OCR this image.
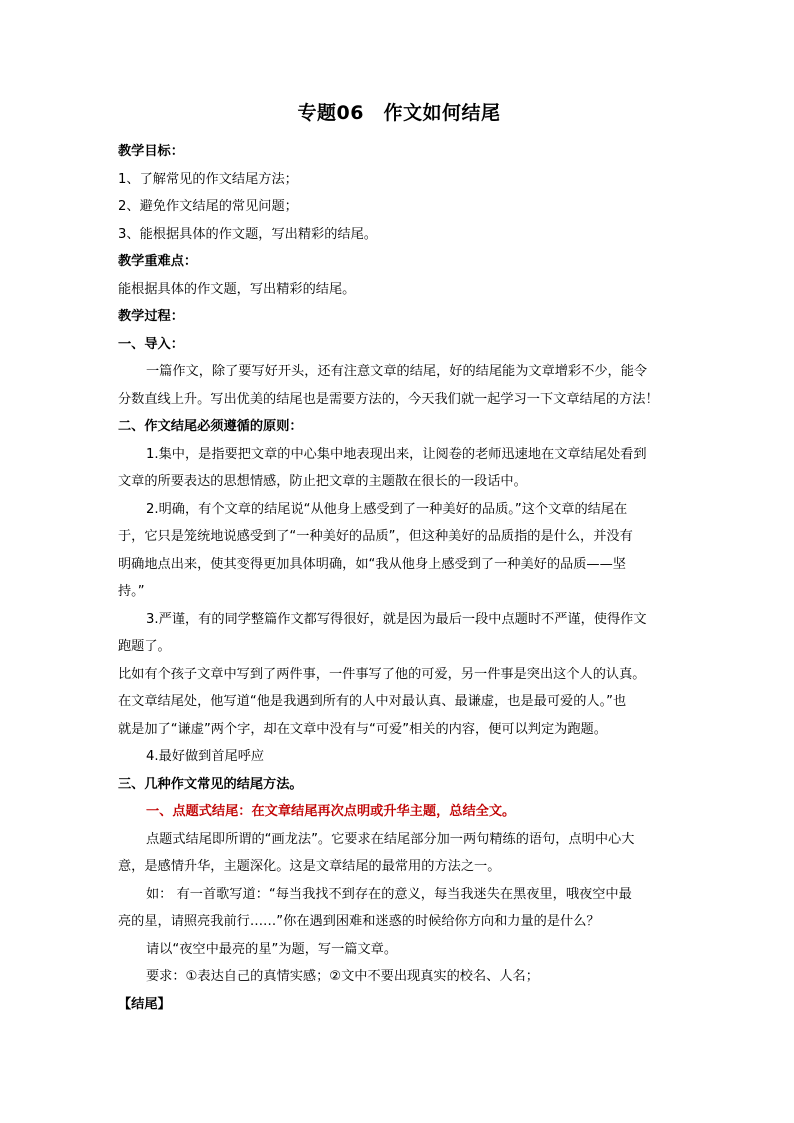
专题06　作文如何结尾

教学目标：

1、了解常见的作文结尾方法；

2、避免作文结尾的常见问题；

3、能根据具体的作文题，写出精彩的结尾。

教学重难点：

能根据具体的作文题，写出精彩的结尾。

教学过程：

一、导入：

一篇作文，除了要写好开头，还有注意文章的结尾，好的结尾能为文章增彩不少，能令

分数直线上升。写出优美的结尾也是需要方法的，今天我们就一起学习一下文章结尾的方法！

二、作文结尾必须遵循的原则：

1.集中，是指要把文章的中心集中地表现出来，让阅卷的老师迅速地在文章结尾处看到

文章的所要表达的思想情感，防止把文章的主题散在很长的一段话中。

2.明确，有个文章的结尾说“从他身上感受到了一种美好的品质。”这个文章的结尾在

于，它只是笼统地说感受到了“一种美好的品质”，但这种美好的品质指的是什么，并没有

明确地点出来，使其变得更加具体明确，如“我从他身上感受到了一种美好的品质——坚

持。”

3.严谨，有的同学整篇作文都写得很好，就是因为最后一段中点题时不严谨，使得作文

跑题了。

比如有个孩子文章中写到了两件事，一件事写了他的可爱，另一件事是突出这个人的认真。

在文章结尾处，他写道“他是我遇到所有的人中对最认真、最谦虚，也是最可爱的人。”也

就是加了“谦虚”两个字，却在文章中没有与“可爱”相关的内容，便可以判定为跑题。

4.最好做到首尾呼应

三、几种作文常见的结尾方法。

一、点题式结尾：在文章结尾再次点明或升华主题，总结全文。

点题式结尾即所谓的“画龙法”。它要求在结尾部分加一两句精练的语句，点明中心大

意，是感情升华，主题深化。这是文章结尾的最常用的方法之一。

如： 有一首歌写道：“每当我找不到存在的意义，每当我迷失在黑夜里，哦夜空中最

亮的星，请照亮我前行……”你在遇到困难和迷惑的时候给你方向和力量的是什么？

请以“夜空中最亮的星”为题，写一篇文章。

要求：①表达自己的真情实感；②文中不要出现真实的校名、人名；

【结尾】
